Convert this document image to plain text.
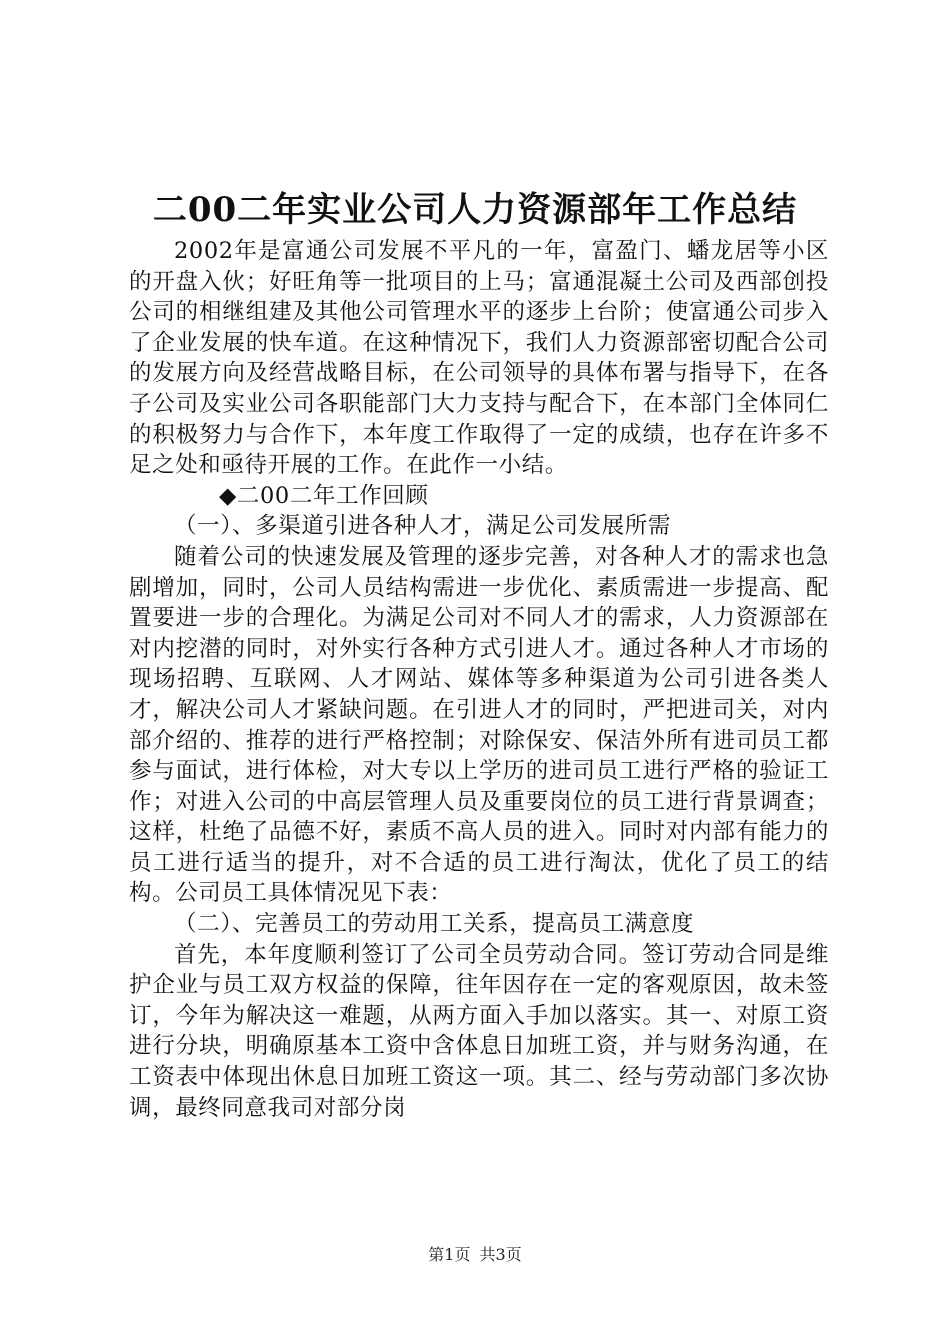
二00二年实业公司人力资源部年工作总结

2002年是富通公司发展不平凡的一年，富盈门、蟠龙居等小区的开盘入伙；好旺角等一批项目的上马；富通混凝土公司及西部创投公司的相继组建及其他公司管理水平的逐步上台阶；使富通公司步入了企业发展的快车道。在这种情况下，我们人力资源部密切配合公司的发展方向及经营战略目标，在公司领导的具体布署与指导下，在各子公司及实业公司各职能部门大力支持与配合下，在本部门全体同仁的积极努力与合作下，本年度工作取得了一定的成绩，也存在许多不足之处和亟待开展的工作。在此作一小结。

◆二00二年工作回顾

（一）、多渠道引进各种人才，满足公司发展所需

随着公司的快速发展及管理的逐步完善，对各种人才的需求也急剧增加，同时，公司人员结构需进一步优化、素质需进一步提高、配置要进一步的合理化。为满足公司对不同人才的需求，人力资源部在对内挖潜的同时，对外实行各种方式引进人才。通过各种人才市场的现场招聘、互联网、人才网站、媒体等多种渠道为公司引进各类人才，解决公司人才紧缺问题。在引进人才的同时，严把进司关，对内部介绍的、推荐的进行严格控制；对除保安、保洁外所有进司员工都参与面试，进行体检，对大专以上学历的进司员工进行严格的验证工作；对进入公司的中高层管理人员及重要岗位的员工进行背景调查；这样，杜绝了品德不好，素质不高人员的进入。同时对内部有能力的员工进行适当的提升，对不合适的员工进行淘汰，优化了员工的结构。公司员工具体情况见下表：

（二）、完善员工的劳动用工关系，提高员工满意度

首先，本年度顺利签订了公司全员劳动合同。签订劳动合同是维护企业与员工双方权益的保障，往年因存在一定的客观原因，故未签订，今年为解决这一难题，从两方面入手加以落实。其一、对原工资进行分块，明确原基本工资中含体息日加班工资，并与财务沟通，在工资表中体现出休息日加班工资这一项。其二、经与劳动部门多次协调，最终同意我司对部分岗

第1页 共3页
